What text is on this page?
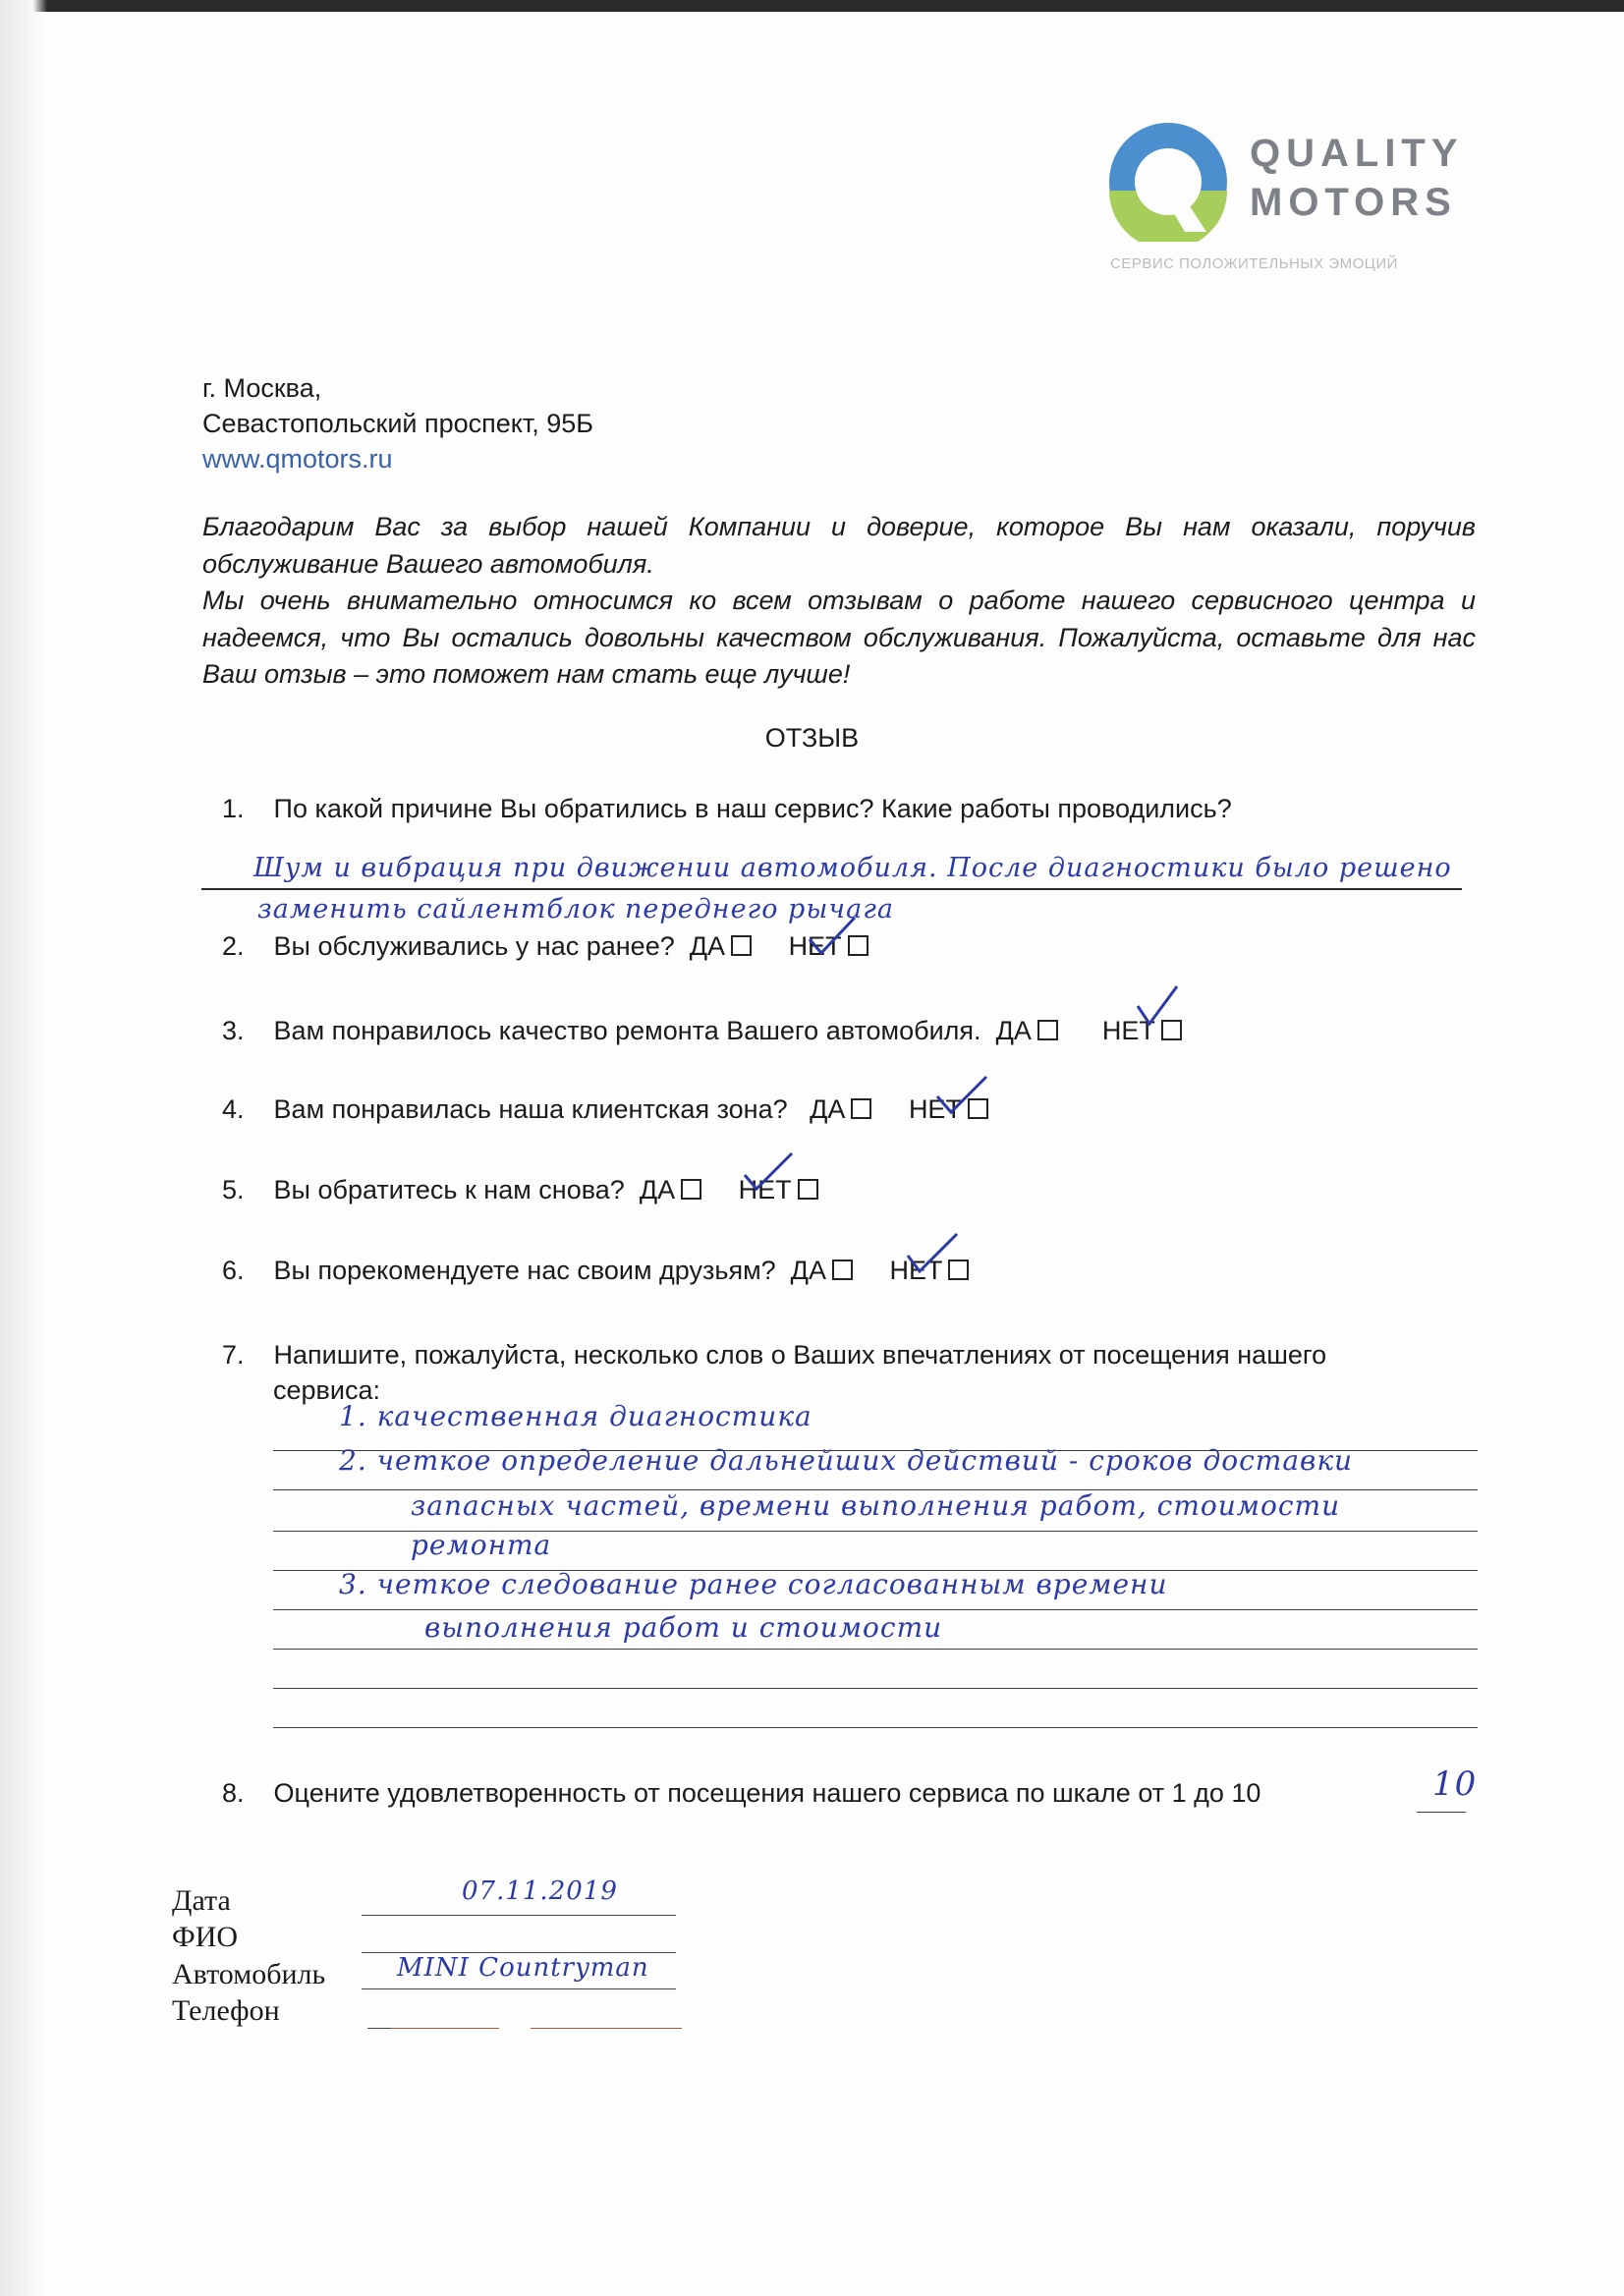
QUALITY
MOTORS
СЕРВИС ПОЛОЖИТЕЛЬНЫХ ЭМОЦИЙ
г. Москва,
Севастопольский проспект, 95Б
www.qmotors.ru

Благодарим Вас за выбор нашей Компании и доверие, которое Вы нам оказали, поручив

обслуживание Вашего автомобиля.

Мы очень внимательно относимся ко всем отзывам о работе нашего сервисного центра и надеемся, что Вы остались довольны качеством обслуживания. Пожалуйста, оставьте для нас Ваш отзыв – это поможет нам стать еще лучше!

ОТЗЫВ
1. По какой причине Вы обратились в наш сервис? Какие работы проводились?
Шум и вибрация при движении автомобиля. После диагностики было решено
заменить сайлентблок переднего рычага
2. Вы обслуживались у нас ранее? ДА НЕТ
3. Вам понравилось качество ремонта Вашего автомобиля. ДА	НЕТ
4. Вам понравилась наша клиентская зона? ДА НЕТ
5. Вы обратитесь к нам снова? ДА НЕТ
6. Вы порекомендуете нас своим друзьям? ДА НЕТ
7. Напишите, пожалуйста, несколько слов о Ваших впечатлениях от посещения нашего
сервиса:
1. качественная диагностика
2. четкое определение дальнейших действий - сроков доставки
запасных частей, времени выполнения работ, стоимости
ремонта
3. четкое следование ранее согласованным времени
выполнения работ и стоимости
8. Оцените удовлетворенность от посещения нашего сервиса по шкале от 1 до 10	10
Дата	07.11.2019
ФИО
Автомобиль	MINI Countryman
Телефон
